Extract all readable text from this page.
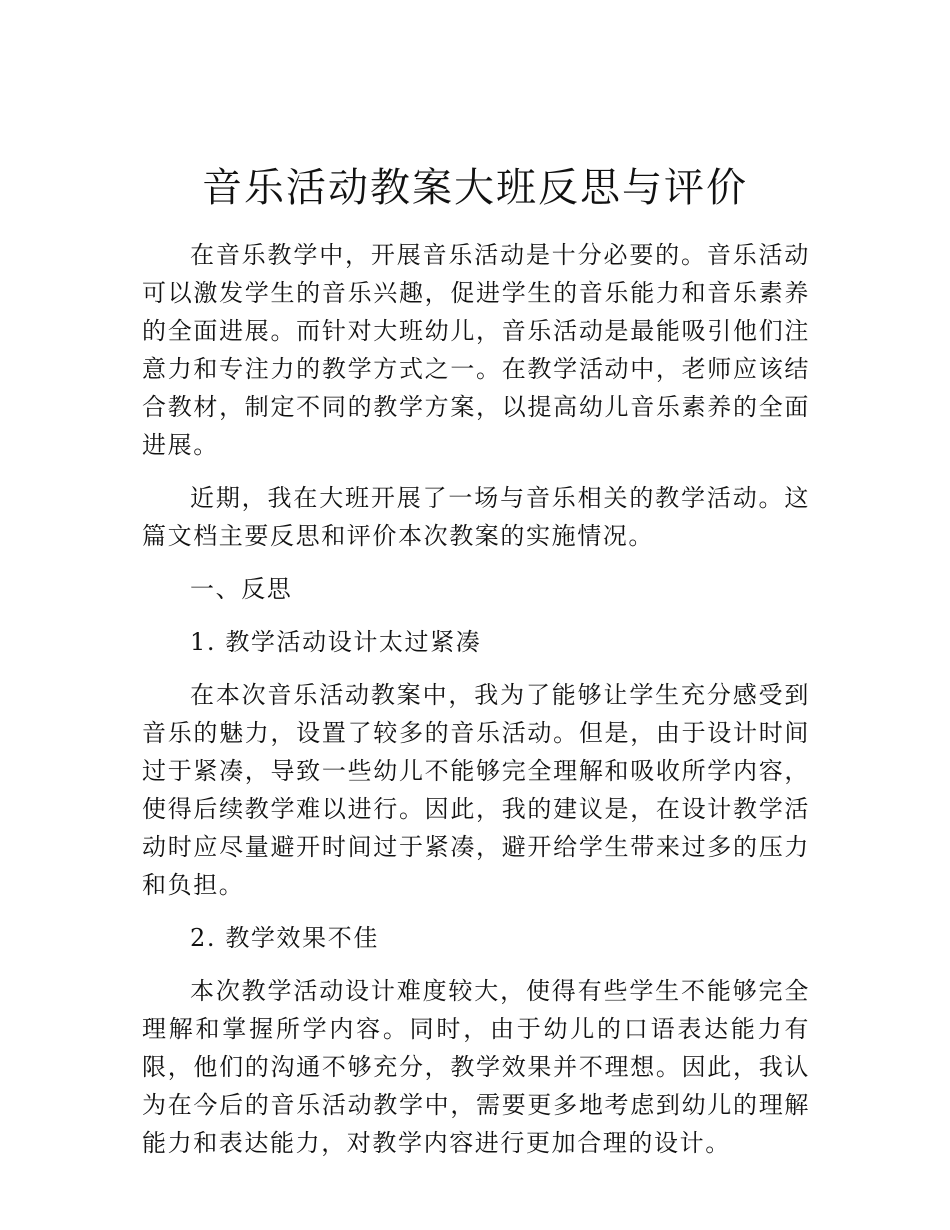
音乐活动教案大班反思与评价

在音乐教学中，开展音乐活动是十分必要的。音乐活动可以激发学生的音乐兴趣，促进学生的音乐能力和音乐素养的全面进展。而针对大班幼儿，音乐活动是最能吸引他们注意力和专注力的教学方式之一。在教学活动中，老师应该结合教材，制定不同的教学方案，以提高幼儿音乐素养的全面进展。

近期，我在大班开展了一场与音乐相关的教学活动。这篇文档主要反思和评价本次教案的实施情况。

一、反思

1. 教学活动设计太过紧凑

在本次音乐活动教案中，我为了能够让学生充分感受到音乐的魅力，设置了较多的音乐活动。但是，由于设计时间过于紧凑，导致一些幼儿不能够完全理解和吸收所学内容，使得后续教学难以进行。因此，我的建议是，在设计教学活动时应尽量避开时间过于紧凑，避开给学生带来过多的压力和负担。

2. 教学效果不佳

本次教学活动设计难度较大，使得有些学生不能够完全理解和掌握所学内容。同时，由于幼儿的口语表达能力有限，他们的沟通不够充分，教学效果并不理想。因此，我认为在今后的音乐活动教学中，需要更多地考虑到幼儿的理解能力和表达能力，对教学内容进行更加合理的设计。
